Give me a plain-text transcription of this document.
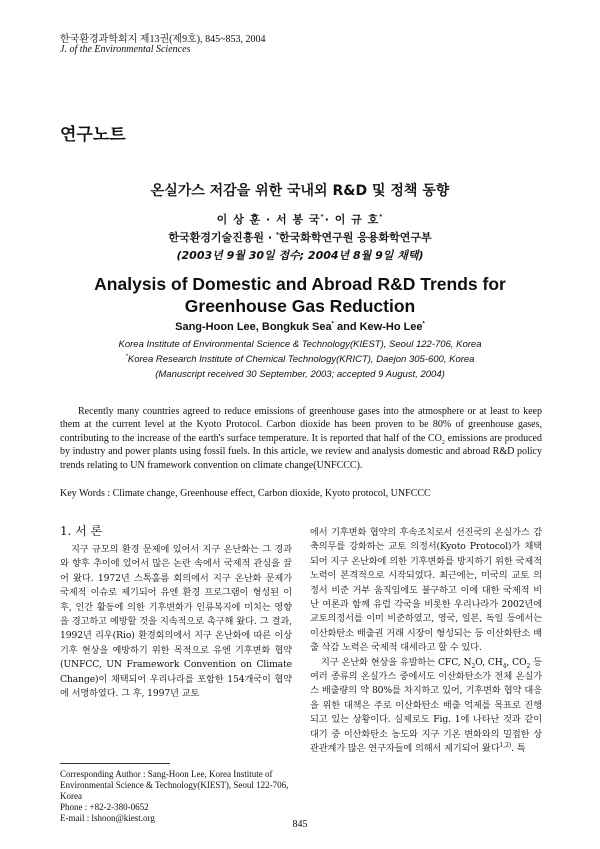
한국환경과학회지 제13권(제9호), 845~853, 2004
J. of the Environmental Sciences
연구노트
온실가스 저감을 위한 국내외 R&D 및 정책 동향
이 상 훈 · 서 봉 국*· 이 규 호*
한국환경기술진흥원 · *한국화학연구원 응용화학연구부
(2003년 9월 30일 접수; 2004년 8월 9일 채택)
Analysis of Domestic and Abroad R&D Trends for
Greenhouse Gas Reduction
Sang-Hoon Lee, Bongkuk Sea* and Kew-Ho Lee*
Korea Institute of Environmental Science & Technology(KIEST), Seoul 122-706, Korea
*Korea Research Institute of Chemical Technology(KRICT), Daejon 305-600, Korea
(Manuscript received 30 September, 2003; accepted 9 August, 2004)
Recently many countries agreed to reduce emissions of greenhouse gases into the atmosphere or at least to keep them at the current level at the Kyoto Protocol. Carbon dioxide has been proven to be 80% of greenhouse gases, contributing to the increase of the earth's surface temperature. It is reported that half of the $CO_2$ emissions are produced by industry and power plants using fossil fuels. In this article, we review and analysis domestic and abroad R&D policy trends relating to UN framework convention on climate change(UNFCCC).
Key Words : Climate change, Greenhouse effect, Carbon dioxide, Kyoto protocol, UNFCCC
1. 서 론

지구 규모의 환경 문제에 있어서 지구 온난화는 그 경과와 향후 추이에 있어서 많은 논란 속에서 국제적 관심을 끌어 왔다. 1972년 스톡홀름 회의에서 지구 온난화 문제가 국제적 이슈로 제기되어 유엔 환경 프로그램이 형성된 이후, 인간 활동에 의한 기후변화가 인류복지에 미치는 영향을 경고하고 예방할 것을 지속적으로 촉구해 왔다. 그 결과, 1992년 리우(Rio) 환경회의에서 지구 온난화에 따른 이상 기후 현상을 예방하기 위한 목적으로 유엔 기후변화 협약(UNFCC, UN Framework Convention on Climate Change)이 채택되어 우리나라를 포함한 154개국이 협약에 서명하였다. 그 후, 1997년 교토

에서 기후변화 협약의 후속조치로서 선진국의 온실가스 감축의무를 강화하는 교토 의정서(Kyoto Protocol)가 채택되어 지구 온난화에 의한 기후변화를 방지하기 위한 국제적 노력이 본격적으로 시작되었다. 최근에는, 미국의 교토 의정서 비준 거부 움직임에도 불구하고 이에 대한 국제적 비난 여론과 함께 유럽 각국을 비롯한 우리나라가 2002년에 교토의정서를 이미 비준하였고, 영국, 일본, 독일 등에서는 이산화탄소 배출권 거래 시장이 형성되는 등 이산화탄소 배출 삭감 노력은 국제적 대세라고 할 수 있다.

지구 온난화 현상을 유발하는 CFC, $N_2O$, $CH_4$, $CO_2$ 등 여러 종류의 온실가스 중에서도 이산화탄소가 전체 온실가스 배출량의 약 80%를 차지하고 있어, 기후변화 협약 대응을 위한 대책은 주로 이산화탄소 배출 억제를 목표로 진행되고 있는 상황이다. 실제로도 Fig. 1에 나타난 것과 같이 대기 중 이산화탄소 농도와 지구 기온 변화와의 밀접한 상관관계가 많은 연구자들에 의해서 제기되어 왔다$^{1,2)}$. 특

Corresponding Author : Sang-Hoon Lee, Korea Institute of Environmental Science & Technology(KIEST), Seoul 122-706, Korea
Phone : +82-2-380-0652
E-mail : lshoon@kiest.org
845
